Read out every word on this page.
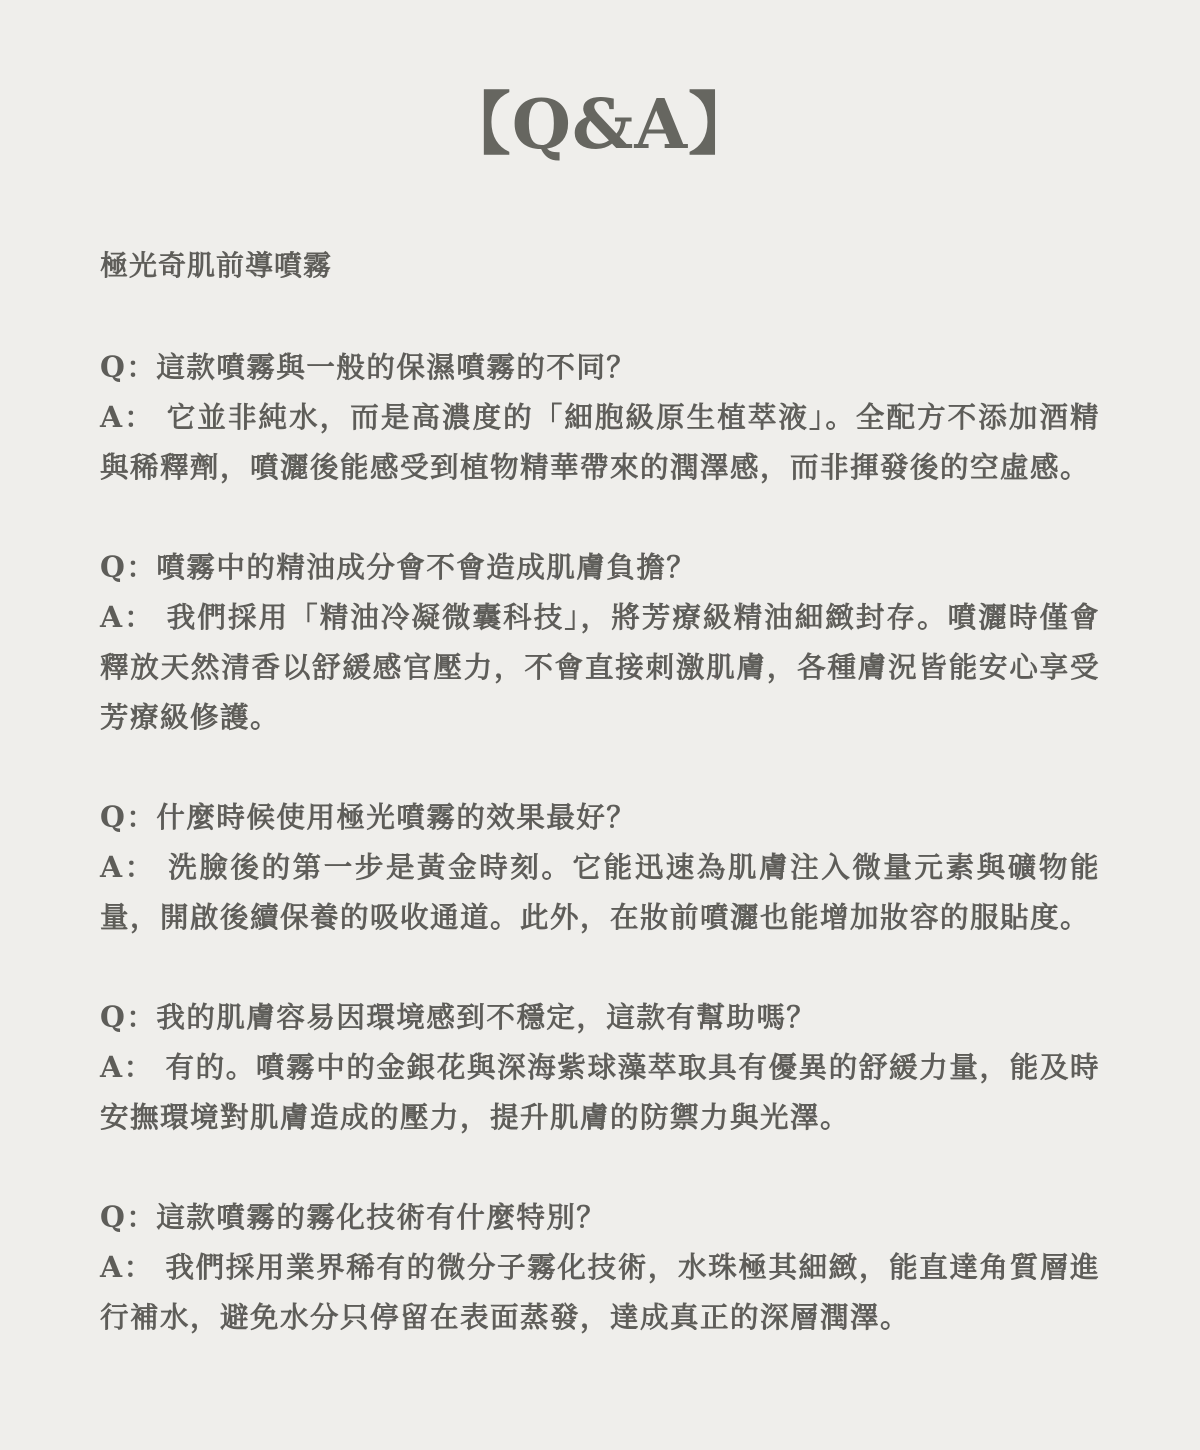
【Q&A】
極光奇肌前導噴霧

Q：這款噴霧與一般的保濕噴霧的不同？

A： 它並非純水，而是高濃度的「細胞級原生植萃液」。全配方不添加酒精與稀釋劑，噴灑後能感受到植物精華帶來的潤澤感，而非揮發後的空虛感。

Q：噴霧中的精油成分會不會造成肌膚負擔？

A： 我們採用「精油冷凝微囊科技」，將芳療級精油細緻封存。噴灑時僅會釋放天然清香以舒緩感官壓力，不會直接刺激肌膚，各種膚況皆能安心享受芳療級修護。

Q：什麼時候使用極光噴霧的效果最好？

A： 洗臉後的第一步是黃金時刻。它能迅速為肌膚注入微量元素與礦物能量，開啟後續保養的吸收通道。此外，在妝前噴灑也能增加妝容的服貼度。

Q：我的肌膚容易因環境感到不穩定，這款有幫助嗎？

A： 有的。噴霧中的金銀花與深海紫球藻萃取具有優異的舒緩力量，能及時安撫環境對肌膚造成的壓力，提升肌膚的防禦力與光澤。

Q：這款噴霧的霧化技術有什麼特別？

A： 我們採用業界稀有的微分子霧化技術，水珠極其細緻，能直達角質層進行補水，避免水分只停留在表面蒸發，達成真正的深層潤澤。
